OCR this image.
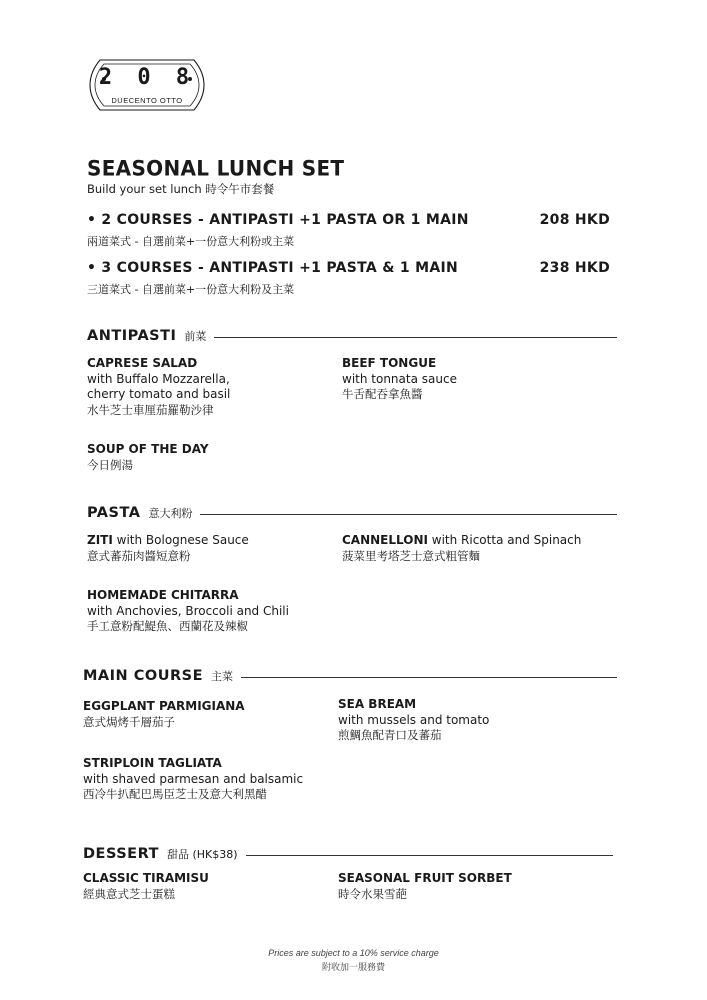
2 0 8
DUECENTO OTTO
SEASONAL LUNCH SET
Build your set lunch 時令午市套餐
• 2 COURSES - ANTIPASTI +1 PASTA OR 1 MAIN	208 HKD
兩道菜式 - 自選前菜+一份意大利粉或主菜
• 3 COURSES - ANTIPASTI +1 PASTA & 1 MAIN	238 HKD
三道菜式 - 自選前菜+一份意大利粉及主菜
ANTIPASTI 前菜
CAPRESE SALAD
with Buffalo Mozzarella,
cherry tomato and basil
水牛芝士車厘茄羅勒沙律
BEEF TONGUE
with tonnata sauce
牛舌配吞拿魚醬
SOUP OF THE DAY
今日例湯
PASTA 意大利粉
ZITI with Bolognese Sauce
意式蕃茄肉醬短意粉
CANNELLONI with Ricotta and Spinach
菠菜里考塔芝士意式粗管麵
HOMEMADE CHITARRA
with Anchovies, Broccoli and Chili
手工意粉配鯷魚、西蘭花及辣椒
MAIN COURSE 主菜
EGGPLANT PARMIGIANA
意式焗烤千層茄子
SEA BREAM
with mussels and tomato
煎鯛魚配青口及蕃茄
STRIPLOIN TAGLIATA
with shaved parmesan and balsamic
西冷牛扒配巴馬臣芝士及意大利黑醋
DESSERT 甜品 (HK$38)
CLASSIC TIRAMISU
經典意式芝士蛋糕
SEASONAL FRUIT SORBET
時令水果雪葩
Prices are subject to a 10% service charge
附收加一服務費
